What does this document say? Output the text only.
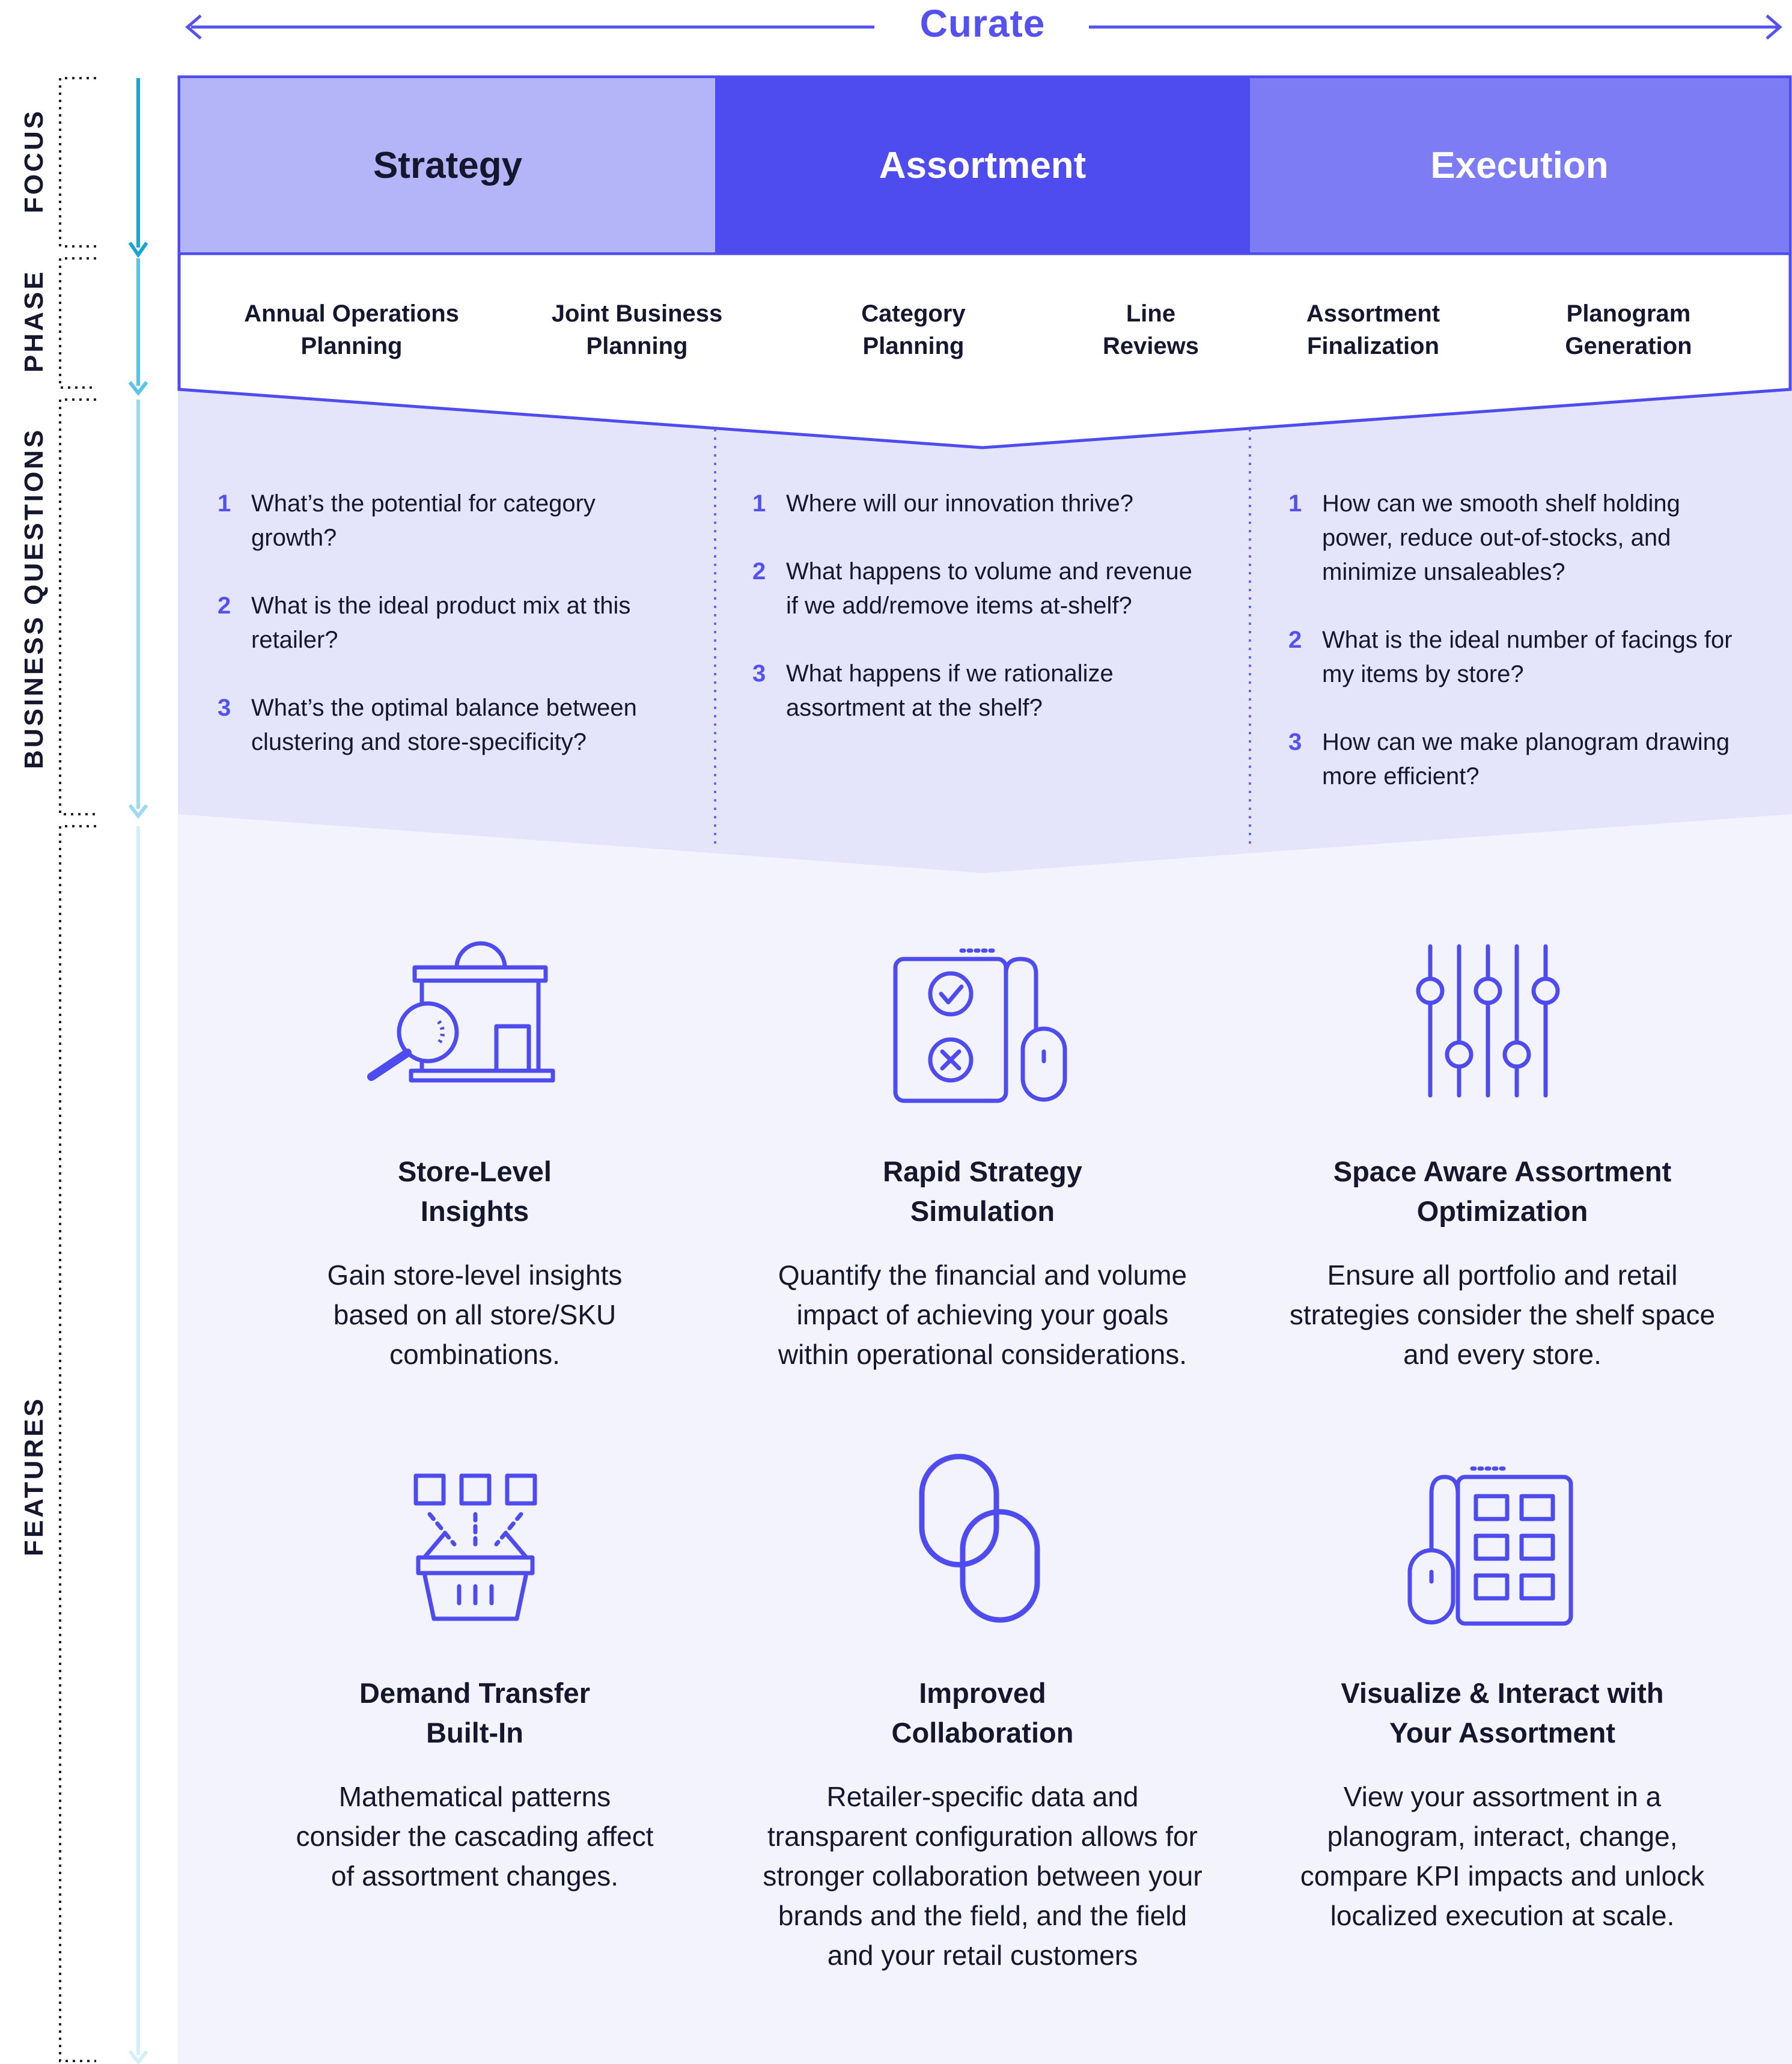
Curate
FOCUS
PHASE
BUSINESS QUESTIONS
FEATURES
Strategy	Assortment	Execution
Annual Operations
Planning
Joint Business
Planning
Category
Planning
Line
Reviews
Assortment
Finalization
Planogram
Generation
1 What’s the potential for category growth?
2 What is the ideal product mix at this retailer?
3 What’s the optimal balance between clustering and store-specificity?
1 Where will our innovation thrive?
2 What happens to volume and revenue if we add/remove items at-shelf?
3 What happens if we rationalize assortment at the shelf?
1 How can we smooth shelf holding power, reduce out-of-stocks, and minimize unsaleables?
2 What is the ideal number of facings for my items by store?
3 How can we make planogram drawing more efficient?
Store-Level
Insights
Gain store-level insights
based on all store/SKU
combinations.
Rapid Strategy
Simulation
Quantify the financial and volume
impact of achieving your goals
within operational considerations.
Space Aware Assortment
Optimization
Ensure all portfolio and retail
strategies consider the shelf space
and every store.
Demand Transfer
Built-In
Mathematical patterns
consider the cascading affect
of assortment changes.
Improved
Collaboration
Retailer-specific data and
transparent configuration allows for
stronger collaboration between your
brands and the field, and the field
and your retail customers
Visualize & Interact with
Your Assortment
View your assortment in a
planogram, interact, change,
compare KPI impacts and unlock
localized execution at scale.
